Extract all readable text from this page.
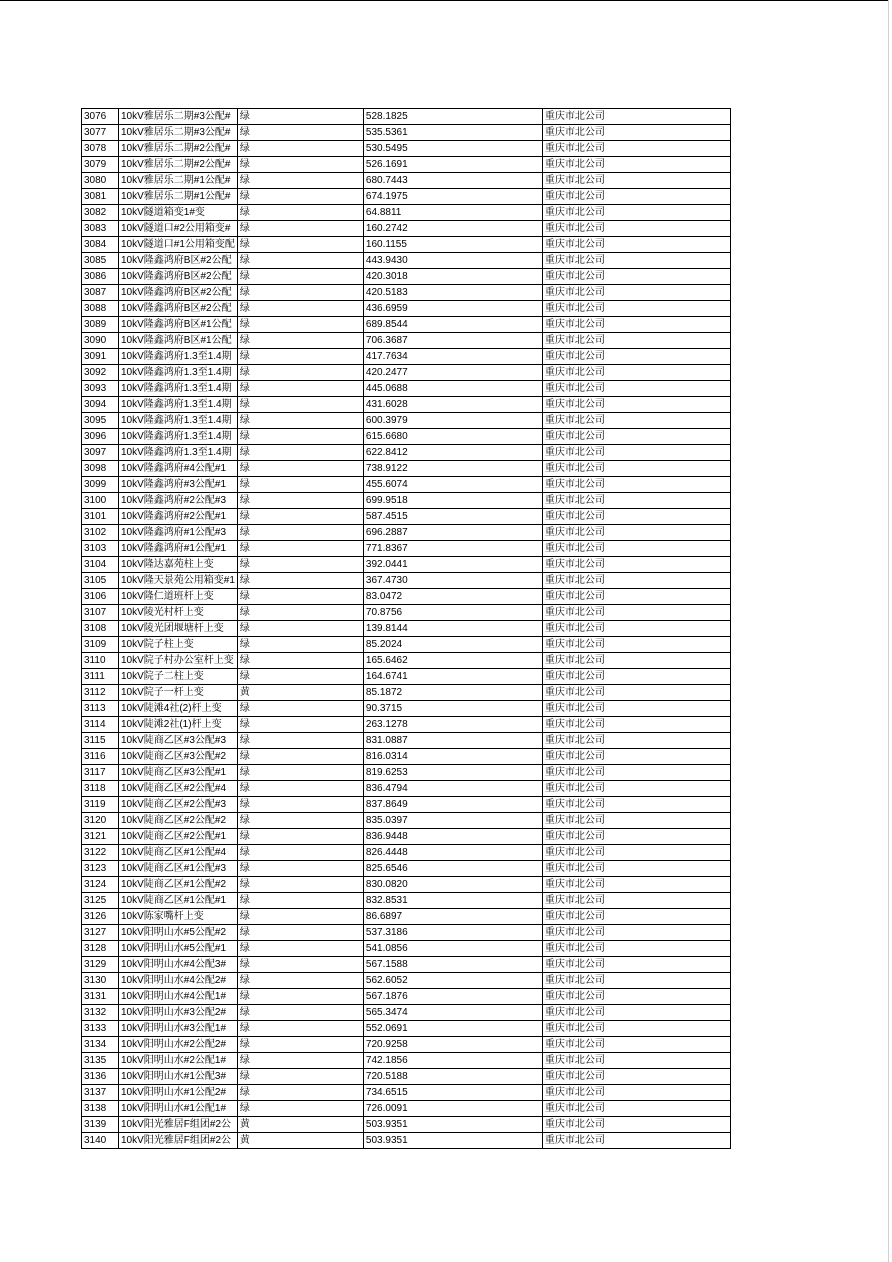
3076	10kV雅居乐二期#3公配#	绿	528.1825	重庆市北公司
3077	10kV雅居乐二期#3公配#	绿	535.5361	重庆市北公司
3078	10kV雅居乐二期#2公配#	绿	530.5495	重庆市北公司
3079	10kV雅居乐二期#2公配#	绿	526.1691	重庆市北公司
3080	10kV雅居乐二期#1公配#	绿	680.7443	重庆市北公司
3081	10kV雅居乐二期#1公配#	绿	674.1975	重庆市北公司
3082	10kV隧道箱变1#变	绿	64.8811	重庆市北公司
3083	10kV隧道口#2公用箱变#	绿	160.2742	重庆市北公司
3084	10kV隧道口#1公用箱变配	绿	160.1155	重庆市北公司
3085	10kV隆鑫鸿府B区#2公配	绿	443.9430	重庆市北公司
3086	10kV隆鑫鸿府B区#2公配	绿	420.3018	重庆市北公司
3087	10kV隆鑫鸿府B区#2公配	绿	420.5183	重庆市北公司
3088	10kV隆鑫鸿府B区#2公配	绿	436.6959	重庆市北公司
3089	10kV隆鑫鸿府B区#1公配	绿	689.8544	重庆市北公司
3090	10kV隆鑫鸿府B区#1公配	绿	706.3687	重庆市北公司
3091	10kV隆鑫鸿府1.3至1.4期	绿	417.7634	重庆市北公司
3092	10kV隆鑫鸿府1.3至1.4期	绿	420.2477	重庆市北公司
3093	10kV隆鑫鸿府1.3至1.4期	绿	445.0688	重庆市北公司
3094	10kV隆鑫鸿府1.3至1.4期	绿	431.6028	重庆市北公司
3095	10kV隆鑫鸿府1.3至1.4期	绿	600.3979	重庆市北公司
3096	10kV隆鑫鸿府1.3至1.4期	绿	615.6680	重庆市北公司
3097	10kV隆鑫鸿府1.3至1.4期	绿	622.8412	重庆市北公司
3098	10kV隆鑫鸿府#4公配#1	绿	738.9122	重庆市北公司
3099	10kV隆鑫鸿府#3公配#1	绿	455.6074	重庆市北公司
3100	10kV隆鑫鸿府#2公配#3	绿	699.9518	重庆市北公司
3101	10kV隆鑫鸿府#2公配#1	绿	587.4515	重庆市北公司
3102	10kV隆鑫鸿府#1公配#3	绿	696.2887	重庆市北公司
3103	10kV隆鑫鸿府#1公配#1	绿	771.8367	重庆市北公司
3104	10kV隆达嘉苑柱上变	绿	392.0441	重庆市北公司
3105	10kV隆天景苑公用箱变#1	绿	367.4730	重庆市北公司
3106	10kV隆仁道班杆上变	绿	83.0472	重庆市北公司
3107	10kV陵光村杆上变	绿	70.8756	重庆市北公司
3108	10kV陵光团堰塘杆上变	绿	139.8144	重庆市北公司
3109	10kV院子柱上变	绿	85.2024	重庆市北公司
3110	10kV院子村办公室杆上变	绿	165.6462	重庆市北公司
3111	10kV院子二柱上变	绿	164.6741	重庆市北公司
3112	10kV院子一杆上变	黄	85.1872	重庆市北公司
3113	10kV陡滩4社(2)杆上变	绿	90.3715	重庆市北公司
3114	10kV陡滩2社(1)杆上变	绿	263.1278	重庆市北公司
3115	10kV陡商乙区#3公配#3	绿	831.0887	重庆市北公司
3116	10kV陡商乙区#3公配#2	绿	816.0314	重庆市北公司
3117	10kV陡商乙区#3公配#1	绿	819.6253	重庆市北公司
3118	10kV陡商乙区#2公配#4	绿	836.4794	重庆市北公司
3119	10kV陡商乙区#2公配#3	绿	837.8649	重庆市北公司
3120	10kV陡商乙区#2公配#2	绿	835.0397	重庆市北公司
3121	10kV陡商乙区#2公配#1	绿	836.9448	重庆市北公司
3122	10kV陡商乙区#1公配#4	绿	826.4448	重庆市北公司
3123	10kV陡商乙区#1公配#3	绿	825.6546	重庆市北公司
3124	10kV陡商乙区#1公配#2	绿	830.0820	重庆市北公司
3125	10kV陡商乙区#1公配#1	绿	832.8531	重庆市北公司
3126	10kV陈家嘴杆上变	绿	86.6897	重庆市北公司
3127	10kV阳明山水#5公配#2	绿	537.3186	重庆市北公司
3128	10kV阳明山水#5公配#1	绿	541.0856	重庆市北公司
3129	10kV阳明山水#4公配3#	绿	567.1588	重庆市北公司
3130	10kV阳明山水#4公配2#	绿	562.6052	重庆市北公司
3131	10kV阳明山水#4公配1#	绿	567.1876	重庆市北公司
3132	10kV阳明山水#3公配2#	绿	565.3474	重庆市北公司
3133	10kV阳明山水#3公配1#	绿	552.0691	重庆市北公司
3134	10kV阳明山水#2公配2#	绿	720.9258	重庆市北公司
3135	10kV阳明山水#2公配1#	绿	742.1856	重庆市北公司
3136	10kV阳明山水#1公配3#	绿	720.5188	重庆市北公司
3137	10kV阳明山水#1公配2#	绿	734.6515	重庆市北公司
3138	10kV阳明山水#1公配1#	绿	726.0091	重庆市北公司
3139	10kV阳光雅居F组团#2公	黄	503.9351	重庆市北公司
3140	10kV阳光雅居F组团#2公	黄	503.9351	重庆市北公司
